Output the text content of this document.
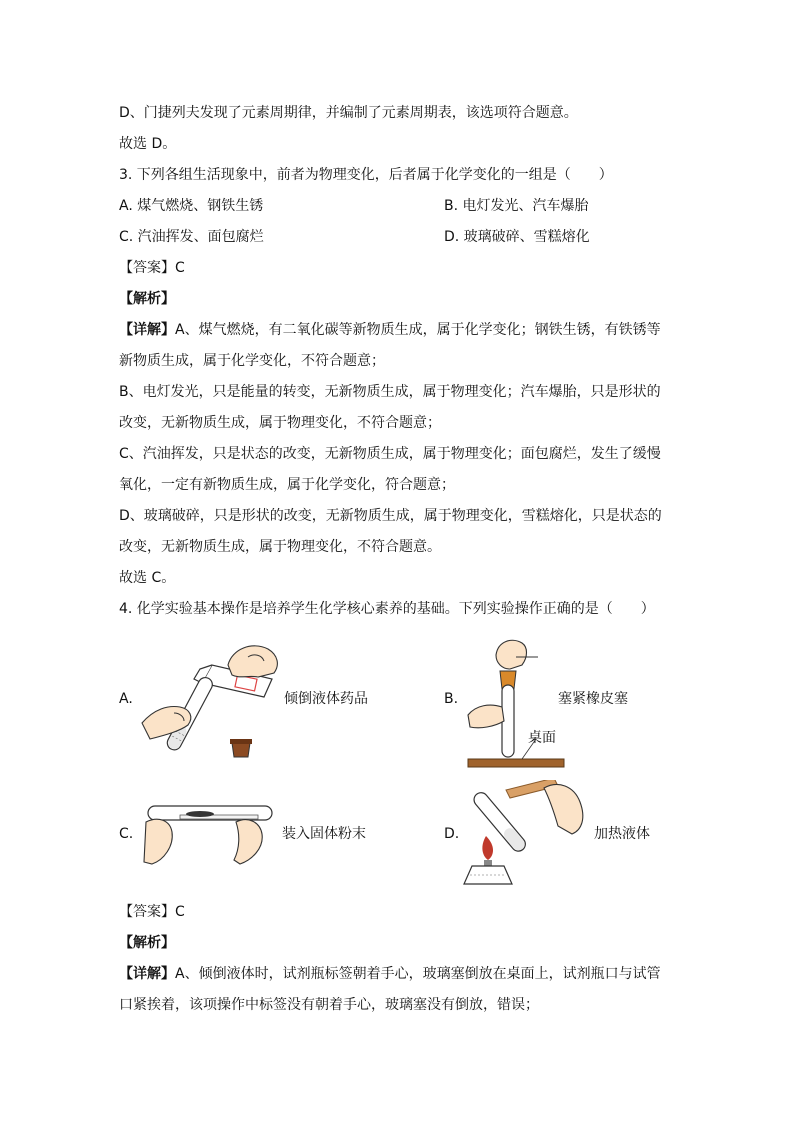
D、门捷列夫发现了元素周期律，并编制了元素周期表，该选项符合题意。
故选 D。
3. 下列各组生活现象中，前者为物理变化，后者属于化学变化的一组是（　　）
A. 煤气燃烧、钢铁生锈	B. 电灯发光、汽车爆胎
C. 汽油挥发、面包腐烂	D. 玻璃破碎、雪糕熔化
【答案】C
【解析】
【详解】A、煤气燃烧，有二氧化碳等新物质生成，属于化学变化；钢铁生锈，有铁锈等
新物质生成，属于化学变化，不符合题意；
B、电灯发光，只是能量的转变，无新物质生成，属于物理变化；汽车爆胎，只是形状的
改变，无新物质生成，属于物理变化，不符合题意；
C、汽油挥发，只是状态的改变，无新物质生成，属于物理变化；面包腐烂，发生了缓慢
氧化，一定有新物质生成，属于化学变化，符合题意；
D、玻璃破碎，只是形状的改变，无新物质生成，属于物理变化，雪糕熔化，只是状态的
改变，无新物质生成，属于物理变化，不符合题意。
故选 C。
4. 化学实验基本操作是培养学生化学核心素养的基础。下列实验操作正确的是（　　）
A.	倾倒液体药品	B.	塞紧橡皮塞
桌面
C.	装入固体粉末	D.	加热液体
【答案】C
【解析】
【详解】A、倾倒液体时，试剂瓶标签朝着手心，玻璃塞倒放在桌面上，试剂瓶口与试管
口紧挨着，该项操作中标签没有朝着手心，玻璃塞没有倒放，错误；
